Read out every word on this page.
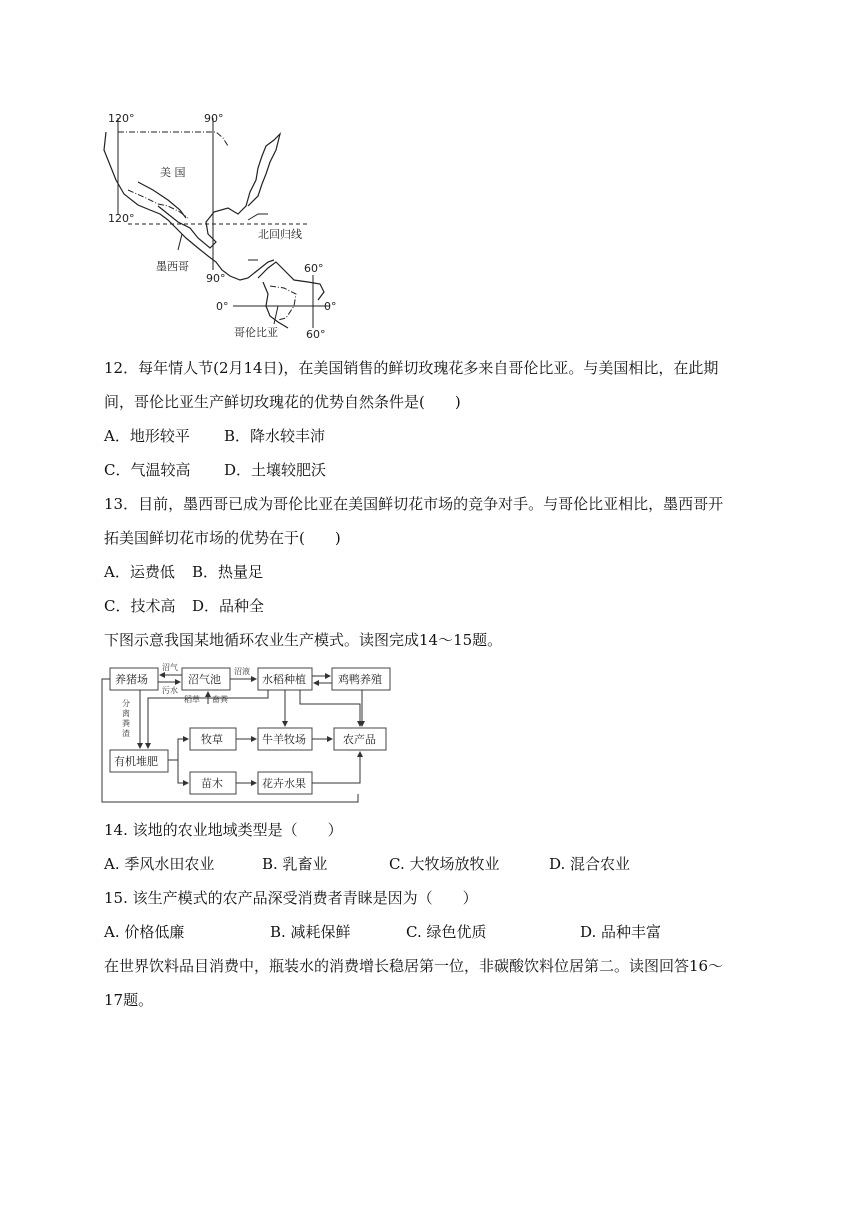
120°	90°
美 国
120°
北回归线
墨西哥
90°
60°
0°	0°
哥伦比亚	60°
12．每年情人节(2月14日)，在美国销售的鲜切玫瑰花多来自哥伦比亚。与美国相比，在此期
间，哥伦比亚生产鲜切玫瑰花的优势自然条件是(　　)
A．地形较平 B．降水较丰沛
C．气温较高 D．土壤较肥沃
13．目前，墨西哥已成为哥伦比亚在美国鲜切花市场的竞争对手。与哥伦比亚相比，墨西哥开
拓美国鲜切花市场的优势在于(　　)
A．运费低 B．热量足
C．技术高 D．品种全
下图示意我国某地循环农业生产模式。读图完成14～15题。
养猪场	沼气池	水稻种植	鸡鸭养殖
牧草	牛羊牧场	农产品
有机堆肥
苗木	花卉水果
沼气
污水
沼液
稻草 畜粪
分
离
粪
渣
14. 该地的农业地域类型是（　　）
A. 季风水田农业	B. 乳畜业	C. 大牧场放牧业	D. 混合农业
15. 该生产模式的农产品深受消费者青睐是因为（　　）
A. 价格低廉	B. 减耗保鲜	C. 绿色优质	D. 品种丰富
在世界饮料品目消费中，瓶装水的消费增长稳居第一位，非碳酸饮料位居第二。读图回答16～
17题。
